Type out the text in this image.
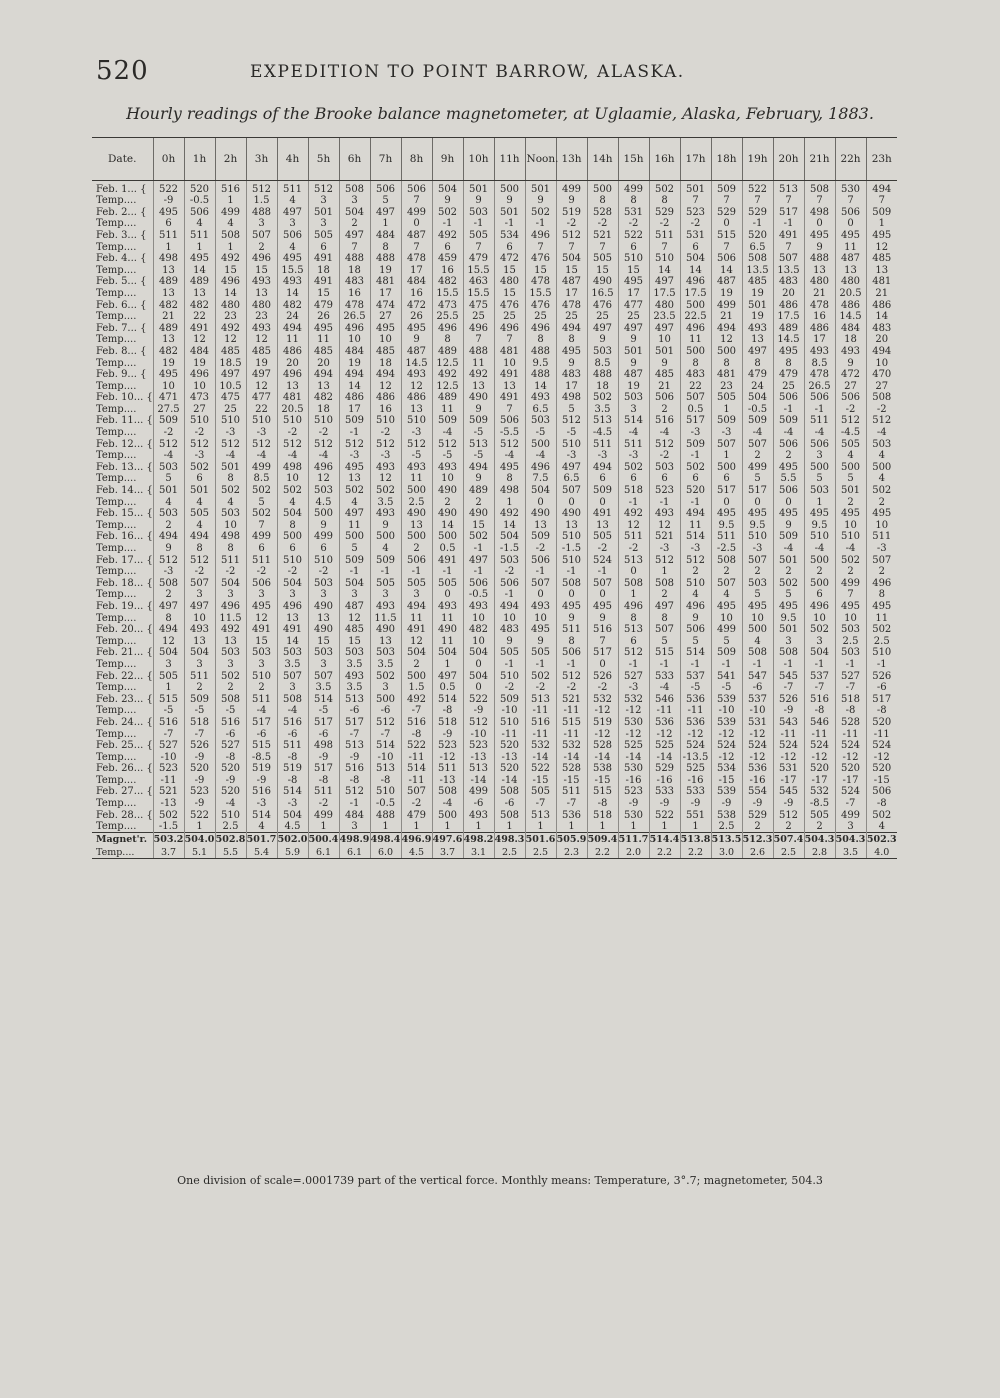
520	EXPEDITION TO POINT BARROW, ALASKA.
Hourly readings of the Brooke balance magnetometer, at Uglaamie, Alaska, February, 1883.
Date.	0h	1h	2h	3h	4h	5h	6h	7h	8h	9h	10h	11h	Noon.	13h	14h	15h	16h	17h	18h	19h	20h	21h	22h	23h
Feb. 1... {	522	520	516	512	511	512	508	506	506	504	501	500	501	499	500	499	502	501	509	522	513	508	530	494
Temp....	-9	-0.5	1	1.5	4	3	3	5	7	9	9	9	9	9	8	8	8	7	7	7	7	7	7	7
Feb. 2... {	495	506	499	488	497	501	504	497	499	502	503	501	502	519	528	531	529	523	529	529	517	498	506	509
Temp....	6	4	4	3	3	3	2	1	0	-1	-1	-1	-1	-2	-2	-2	-2	-2	0	-1	-1	0	0	1
Feb. 3... {	511	511	508	507	506	505	497	484	487	492	505	534	496	512	521	522	511	531	515	520	491	495	495	495
Temp....	1	1	1	2	4	6	7	8	7	6	7	6	7	7	7	6	7	6	7	6.5	7	9	11	12
Feb. 4... {	498	495	492	496	495	491	488	488	478	459	479	472	476	504	505	510	510	504	506	508	507	488	487	485
Temp....	13	14	15	15	15.5	18	18	19	17	16	15.5	15	15	15	15	15	14	14	14	13.5	13.5	13	13	13
Feb. 5... {	489	489	496	493	493	491	483	481	484	482	463	480	478	487	490	495	497	496	487	485	483	480	480	481
Temp....	13	13	14	13	14	15	16	17	16	15.5	15.5	15	15.5	17	16.5	17	17.5	17.5	19	19	20	21	20.5	21
Feb. 6... {	482	482	480	480	482	479	478	474	472	473	475	476	476	478	476	477	480	500	499	501	486	478	486	486
Temp....	21	22	23	23	24	26	26.5	27	26	25.5	25	25	25	25	25	25	23.5	22.5	21	19	17.5	16	14.5	14
Feb. 7... {	489	491	492	493	494	495	496	495	495	496	496	496	496	494	497	497	497	496	494	493	489	486	484	483
Temp....	13	12	12	12	11	11	10	10	9	8	7	7	8	8	9	9	10	11	12	13	14.5	17	18	20
Feb. 8... {	482	484	485	485	486	485	484	485	487	489	488	481	488	495	503	501	501	500	500	497	495	493	493	494
Temp....	19	19	18.5	19	20	20	19	18	14.5	12.5	11	10	9.5	9	8.5	9	9	8	8	8	8	8.5	9	10
Feb. 9... {	495	496	497	497	496	494	494	494	493	492	492	491	488	483	488	487	485	483	481	479	479	478	472	470
Temp....	10	10	10.5	12	13	13	14	12	12	12.5	13	13	14	17	18	19	21	22	23	24	25	26.5	27	27
Feb. 10... {	471	473	475	477	481	482	486	486	486	489	490	491	493	498	502	503	506	507	505	504	506	506	506	508
Temp....	27.5	27	25	22	20.5	18	17	16	13	11	9	7	6.5	5	3.5	3	2	0.5	1	-0.5	-1	-1	-2	-2
Feb. 11... {	509	510	510	510	510	510	509	510	510	509	509	506	503	512	513	514	516	517	509	509	509	511	512	512
Temp....	-2	-2	-3	-3	-2	-2	-1	-2	-3	-4	-5	-5.5	-5	-5	-4.5	-4	-4	-3	-3	-4	-4	-4	-4.5	-4
Feb. 12... {	512	512	512	512	512	512	512	512	512	512	513	512	500	510	511	511	512	509	507	507	506	506	505	503
Temp....	-4	-3	-4	-4	-4	-4	-3	-3	-5	-5	-5	-4	-4	-3	-3	-3	-2	-1	1	2	2	3	4	4
Feb. 13... {	503	502	501	499	498	496	495	493	493	493	494	495	496	497	494	502	503	502	500	499	495	500	500	500
Temp....	5	6	8	8.5	10	12	13	12	11	10	9	8	7.5	6.5	6	6	6	6	6	5	5.5	5	5	4
Feb. 14... {	501	501	502	502	502	503	502	502	500	490	489	498	504	507	509	518	523	520	517	517	506	503	501	502
Temp....	4	4	4	5	4	4.5	4	3.5	2.5	2	2	1	0	0	0	-1	-1	-1	0	0	0	1	2	2
Feb. 15... {	503	505	503	502	504	500	497	493	490	490	490	492	490	490	491	492	493	494	495	495	495	495	495	495
Temp....	2	4	10	7	8	9	11	9	13	14	15	14	13	13	13	12	12	11	9.5	9.5	9	9.5	10	10
Feb. 16... {	494	494	498	499	500	499	500	500	500	500	502	504	509	510	505	511	521	514	511	510	509	510	510	511
Temp....	9	8	8	6	6	6	5	4	2	0.5	-1	-1.5	-2	-1.5	-2	-2	-3	-3	-2.5	-3	-4	-4	-4	-3
Feb. 17... {	512	512	511	511	510	510	509	509	506	491	497	503	506	510	524	513	512	512	508	507	501	500	502	507
Temp....	-3	-2	-2	-2	-2	-2	-1	-1	-1	-1	-1	-2	-1	-1	-1	0	1	2	2	2	2	2	2	2
Feb. 18... {	508	507	504	506	504	503	504	505	505	505	506	506	507	508	507	508	508	510	507	503	502	500	499	496
Temp....	2	3	3	3	3	3	3	3	3	0	-0.5	-1	0	0	0	1	2	4	4	5	5	6	7	8
Feb. 19... {	497	497	496	495	496	490	487	493	494	493	493	494	493	495	495	496	497	496	495	495	495	496	495	495
Temp....	8	10	11.5	12	13	13	12	11.5	11	11	10	10	10	9	9	8	8	9	10	10	9.5	10	10	11
Feb. 20... {	494	493	492	491	491	490	485	490	491	490	482	483	495	511	516	513	507	506	499	500	501	502	503	502
Temp....	12	13	13	15	14	15	15	13	12	11	10	9	9	8	7	6	5	5	5	4	3	3	2.5	2.5
Feb. 21... {	504	504	503	503	503	503	503	503	504	504	504	505	505	506	517	512	515	514	509	508	508	504	503	510
Temp....	3	3	3	3	3.5	3	3.5	3.5	2	1	0	-1	-1	-1	0	-1	-1	-1	-1	-1	-1	-1	-1	-1
Feb. 22... {	505	511	502	510	507	507	493	502	500	497	504	510	502	512	526	527	533	537	541	547	545	537	527	526
Temp....	1	2	2	2	3	3.5	3.5	3	1.5	0.5	0	-2	-2	-2	-2	-3	-4	-5	-5	-6	-7	-7	-7	-6
Feb. 23... {	515	509	508	511	508	514	513	500	492	514	522	509	513	521	532	532	546	536	539	537	526	516	518	517
Temp....	-5	-5	-5	-4	-4	-5	-6	-6	-7	-8	-9	-10	-11	-11	-12	-12	-11	-11	-10	-10	-9	-8	-8	-8
Feb. 24... {	516	518	516	517	516	517	517	512	516	518	512	510	516	515	519	530	536	536	539	531	543	546	528	520
Temp....	-7	-7	-6	-6	-6	-6	-7	-7	-8	-9	-10	-11	-11	-11	-12	-12	-12	-12	-12	-12	-11	-11	-11	-11
Feb. 25... {	527	526	527	515	511	498	513	514	522	523	523	520	532	532	528	525	525	524	524	524	524	524	524	524
Temp....	-10	-9	-8	-8.5	-8	-9	-9	-10	-11	-12	-13	-13	-14	-14	-14	-14	-14	-13.5	-12	-12	-12	-12	-12	-12
Feb. 26... {	523	520	520	519	519	517	516	513	514	511	513	520	522	528	538	530	529	525	534	536	531	520	520	520
Temp....	-11	-9	-9	-9	-8	-8	-8	-8	-11	-13	-14	-14	-15	-15	-15	-16	-16	-16	-15	-16	-17	-17	-17	-15
Feb. 27... {	521	523	520	516	514	511	512	510	507	508	499	508	505	511	515	523	533	533	539	554	545	532	524	506
Temp....	-13	-9	-4	-3	-3	-2	-1	-0.5	-2	-4	-6	-6	-7	-7	-8	-9	-9	-9	-9	-9	-9	-8.5	-7	-8
Feb. 28... {	502	522	510	514	504	499	484	488	479	500	493	508	513	536	518	530	522	551	538	529	512	505	499	502
Temp....	-1.5	1	2.5	4	4.5	1	3	1	1	1	1	1	1	1	1	1	1	1	2.5	2	2	2	3	4
Magnet'r.	503.2	504.0	502.8	501.7	502.0	500.4	498.9	498.4	496.9	497.6	498.2	498.3	501.6	505.9	509.4	511.7	514.4	513.8	513.5	512.3	507.4	504.3	504.3	502.3
Temp....	3.7	5.1	5.5	5.4	5.9	6.1	6.1	6.0	4.5	3.7	3.1	2.5	2.5	2.3	2.2	2.0	2.2	2.2	3.0	2.6	2.5	2.8	3.5	4.0
One division of scale=.0001739 part of the vertical force. Monthly means: Temperature, 3°.7; magnetometer, 504.3
